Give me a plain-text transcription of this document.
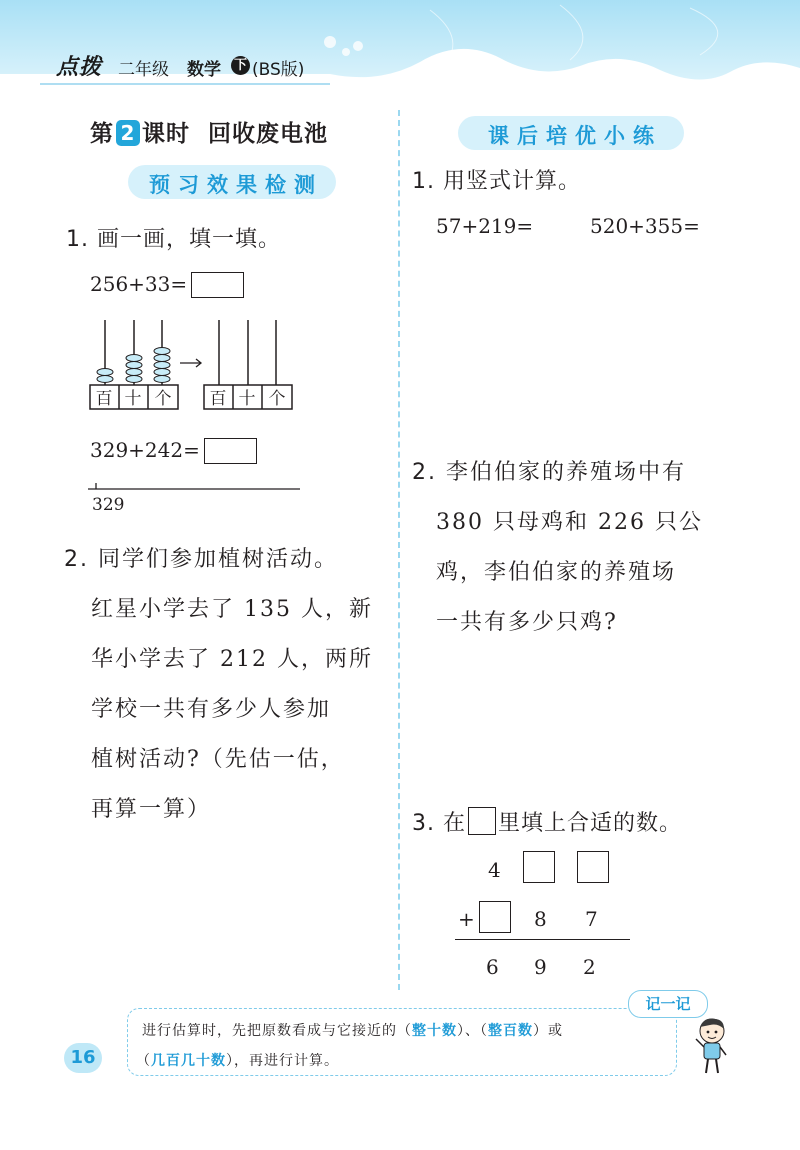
点拨 二年级 数学 下 (BS版)
第 2 课时 回收废电池
预习效果检测
1. 画一画，填一填。
256+33=
百 十 个 百 十 个
329+242=
329
2. 同学们参加植树活动。
红星小学去了 135 人，新
华小学去了 212 人，两所
学校一共有多少人参加
植树活动?（先估一估，
再算一算）
课后培优小练
1. 用竖式计算。
57+219=	520+355=
2. 李伯伯家的养殖场中有
380 只母鸡和 226 只公
鸡，李伯伯家的养殖场
一共有多少只鸡?
3. 在 里填上合适的数。
4
+	8 7
6 9 2
记一记
进行估算时，先把原数看成与它接近的（整十数）、（整百数）或
（几百几十数），再进行计算。
16
